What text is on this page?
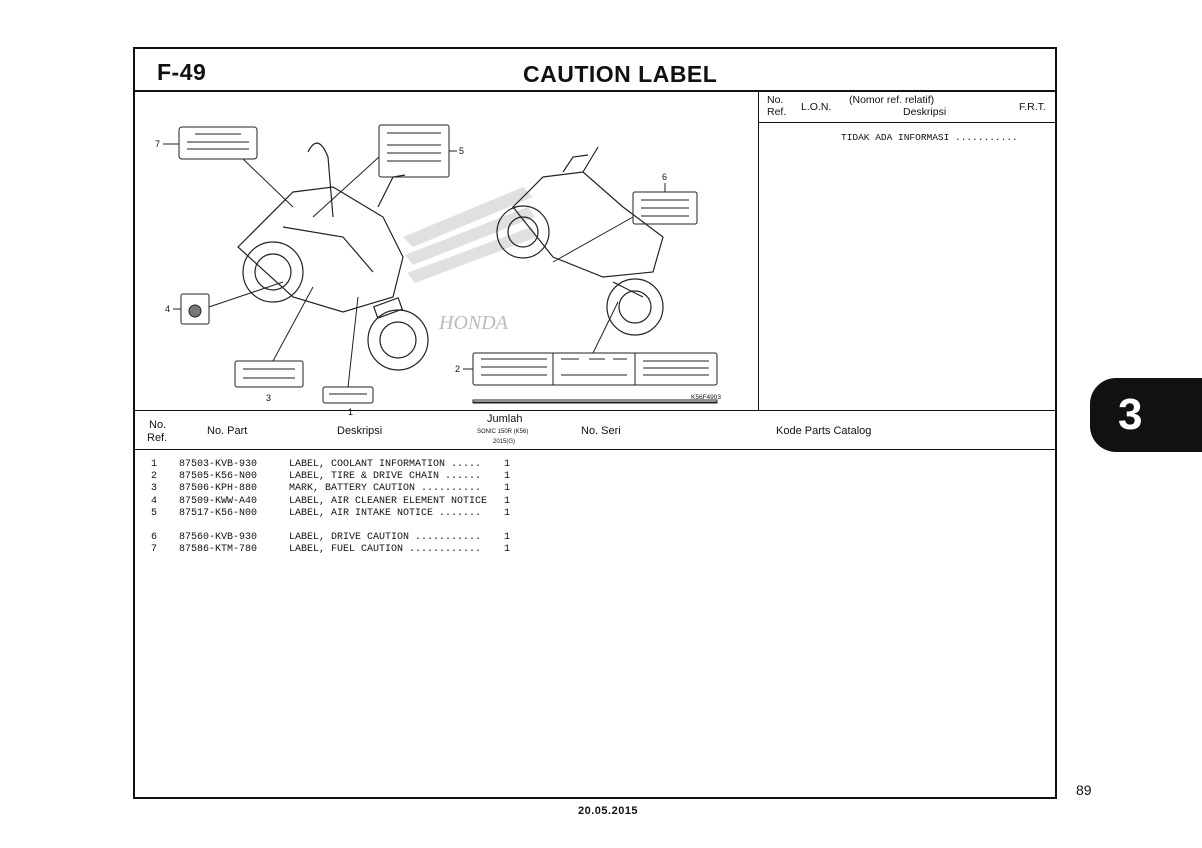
F-49	CAUTION LABEL
No.
Ref. L.O.N.
(Nomor ref. relatif)
Deskripsi	F.R.T.
TIDAK ADA INFORMASI ...........
HONDA
1
2
3
4
5
6
7
K56F4903
No.
Ref.
No. Part	Deskripsi
Jumlah
SONIC 150R (K56)
2015(G)
No. Seri	Kode Parts Catalog
1	87503-KVB-930	LABEL, COOLANT INFORMATION .....	1
2	87505-K56-N00	LABEL, TIRE & DRIVE CHAIN ......	1
3	87506-KPH-880	MARK, BATTERY CAUTION ..........	1
4	87509-KWW-A40	LABEL, AIR CLEANER ELEMENT NOTICE	1
5	87517-K56-N00	LABEL, AIR INTAKE NOTICE .......	1
6	87560-KVB-930	LABEL, DRIVE CAUTION ...........	1
7	87586-KTM-780	LABEL, FUEL CAUTION ............	1
3
89
20.05.2015
